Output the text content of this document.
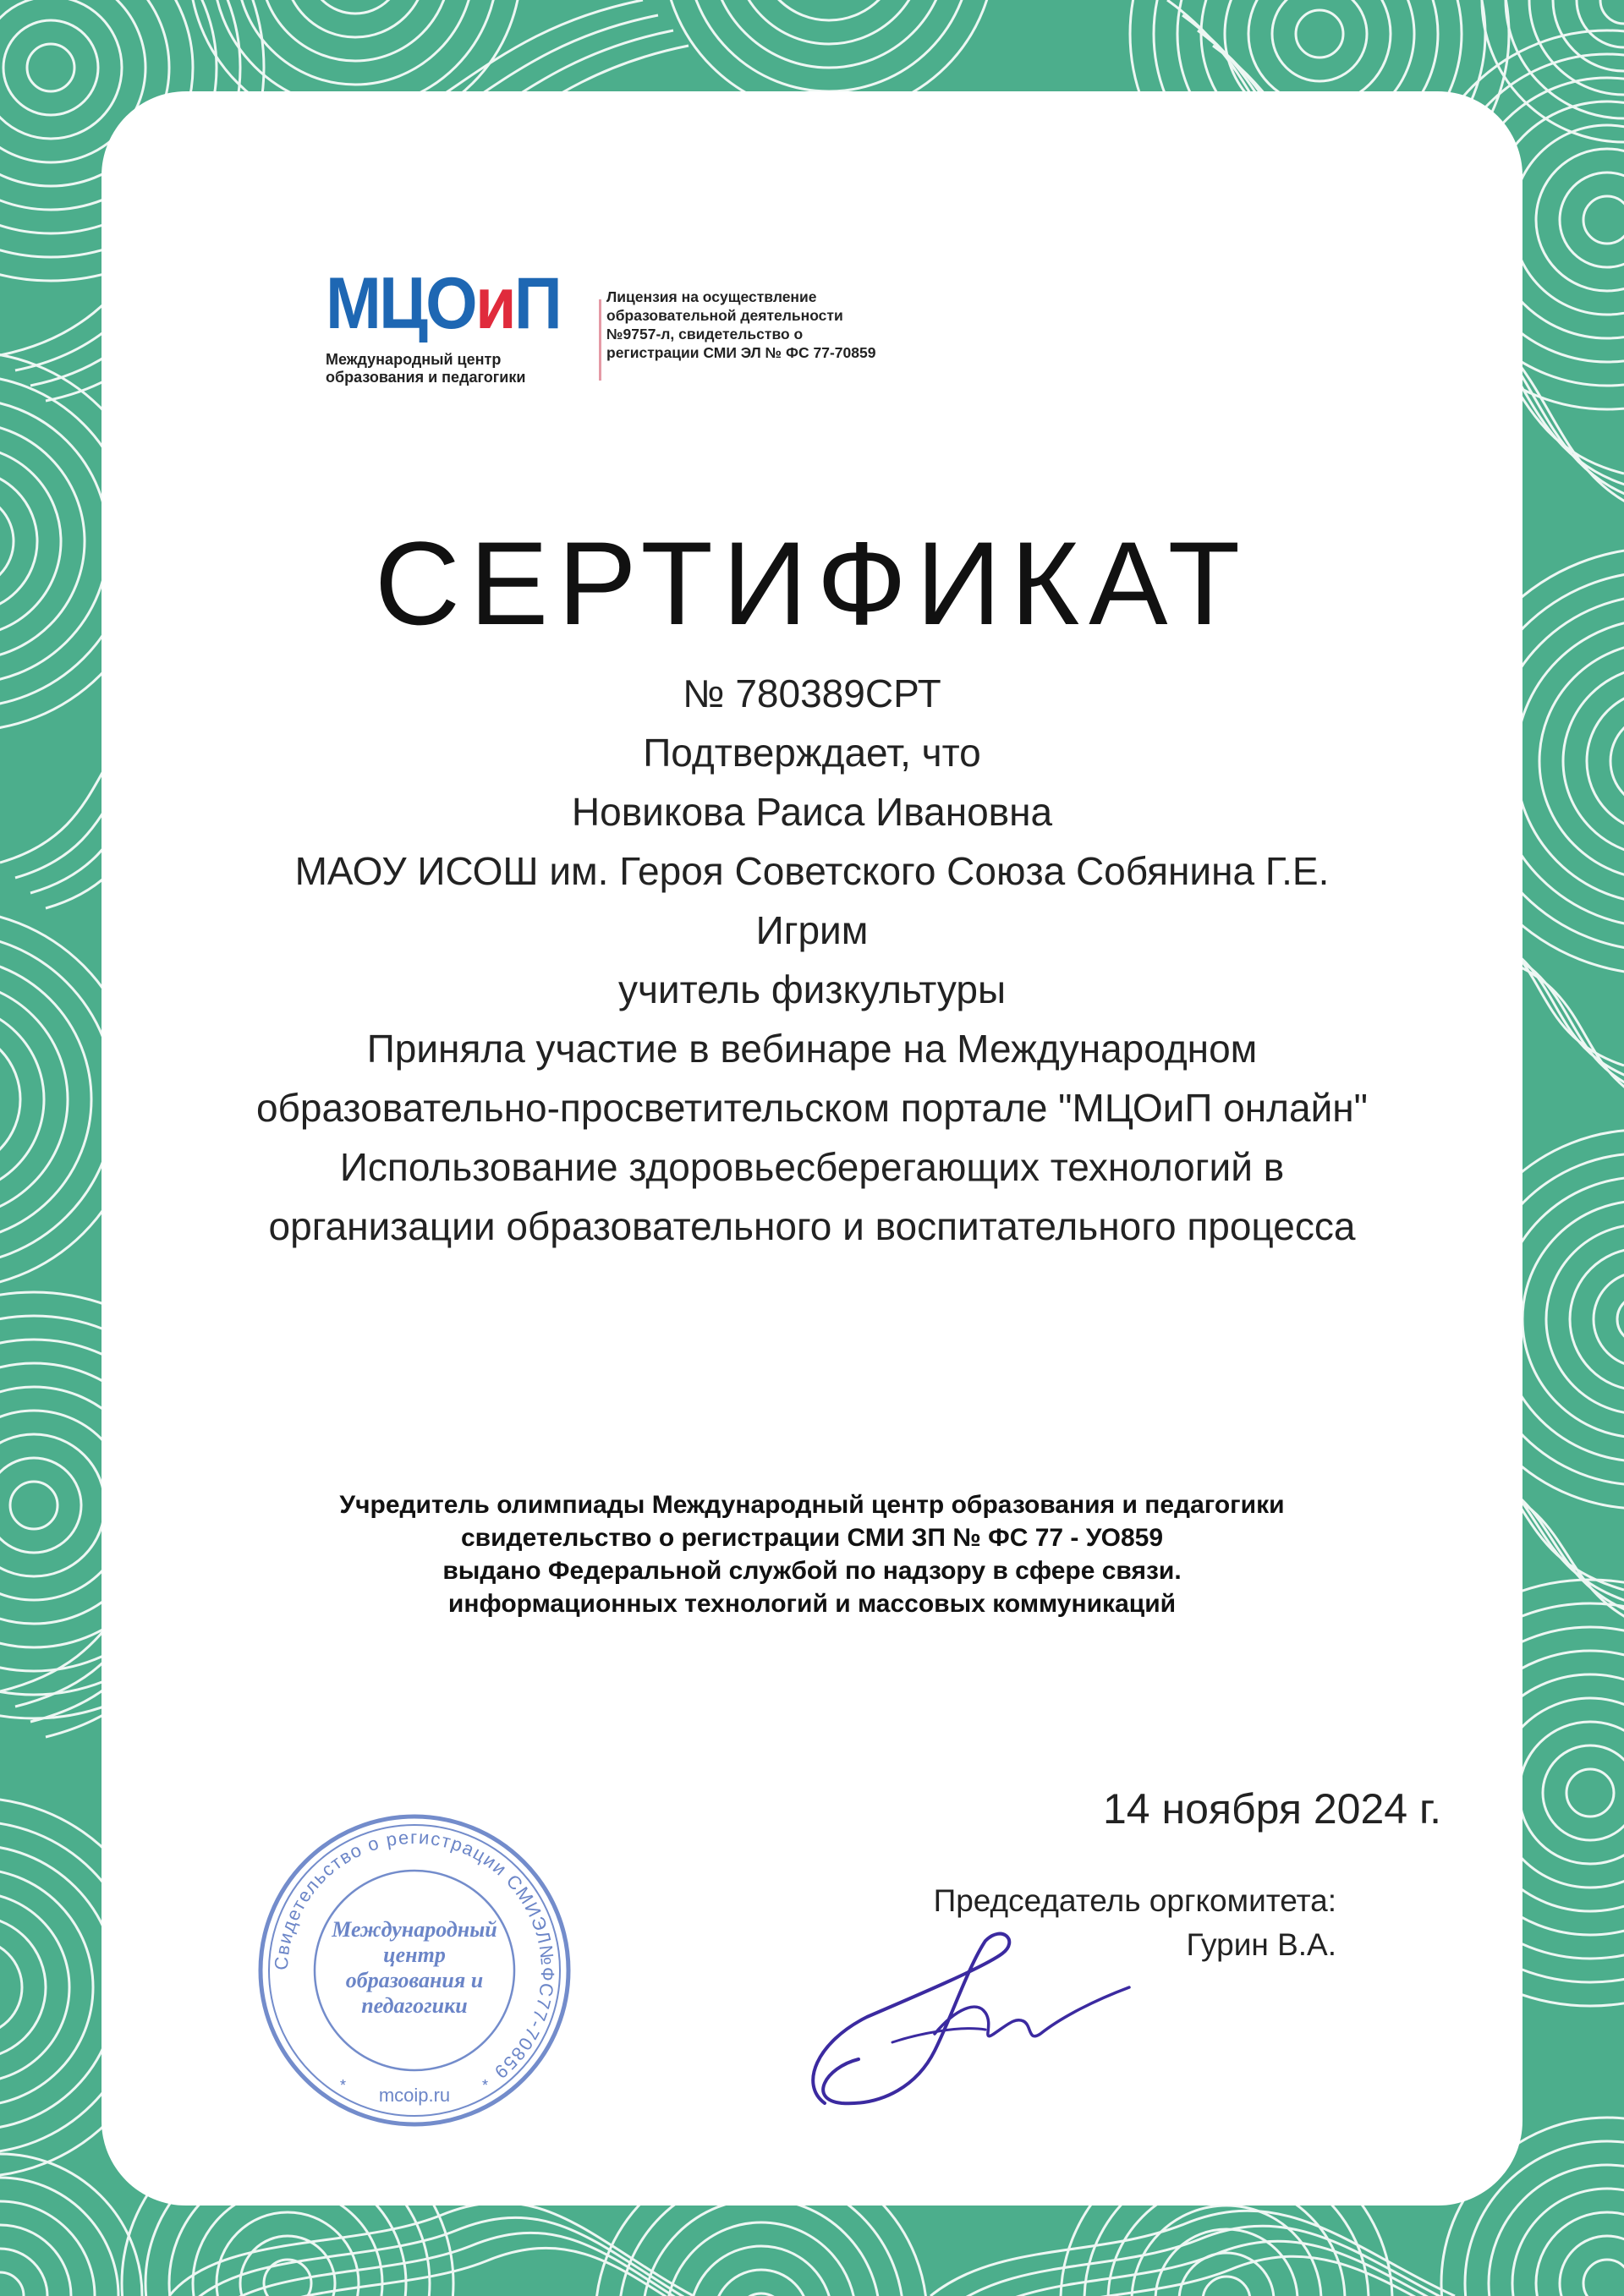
МЦОиП
Международный центр образования и педагогики
Лицензия на осуществление образовательной деятельности №9757-л, свидетельство о регистрации СМИ ЭЛ № ФС 77-70859
СЕРТИФИКАТ
№ 780389СРТ
Подтверждает, что
Новикова Раиса Ивановна
МАОУ ИСОШ им. Героя Советского Союза Собянина Г.Е.
Игрим
учитель физкультуры
Приняла участие в вебинаре на Международном
образовательно-просветительском портале "МЦОиП онлайн"
Использование здоровьесберегающих технологий в
организации образовательного и воспитательного процесса
Учредитель олимпиады Международный центр образования и педагогики
свидетельство о регистрации СМИ ЗП № ФС 77 - УО859
выдано Федеральной службой по надзору в сфере связи.
информационных технологий и массовых коммуникаций
14 ноября 2024 г.
Председатель оргкомитета:
Гурин В.А.
Свидетельство о регистрации СМИЭЛ№ФС77-70859
Международный
центр
образования и
педагогики
mcoip.ru
*	*
